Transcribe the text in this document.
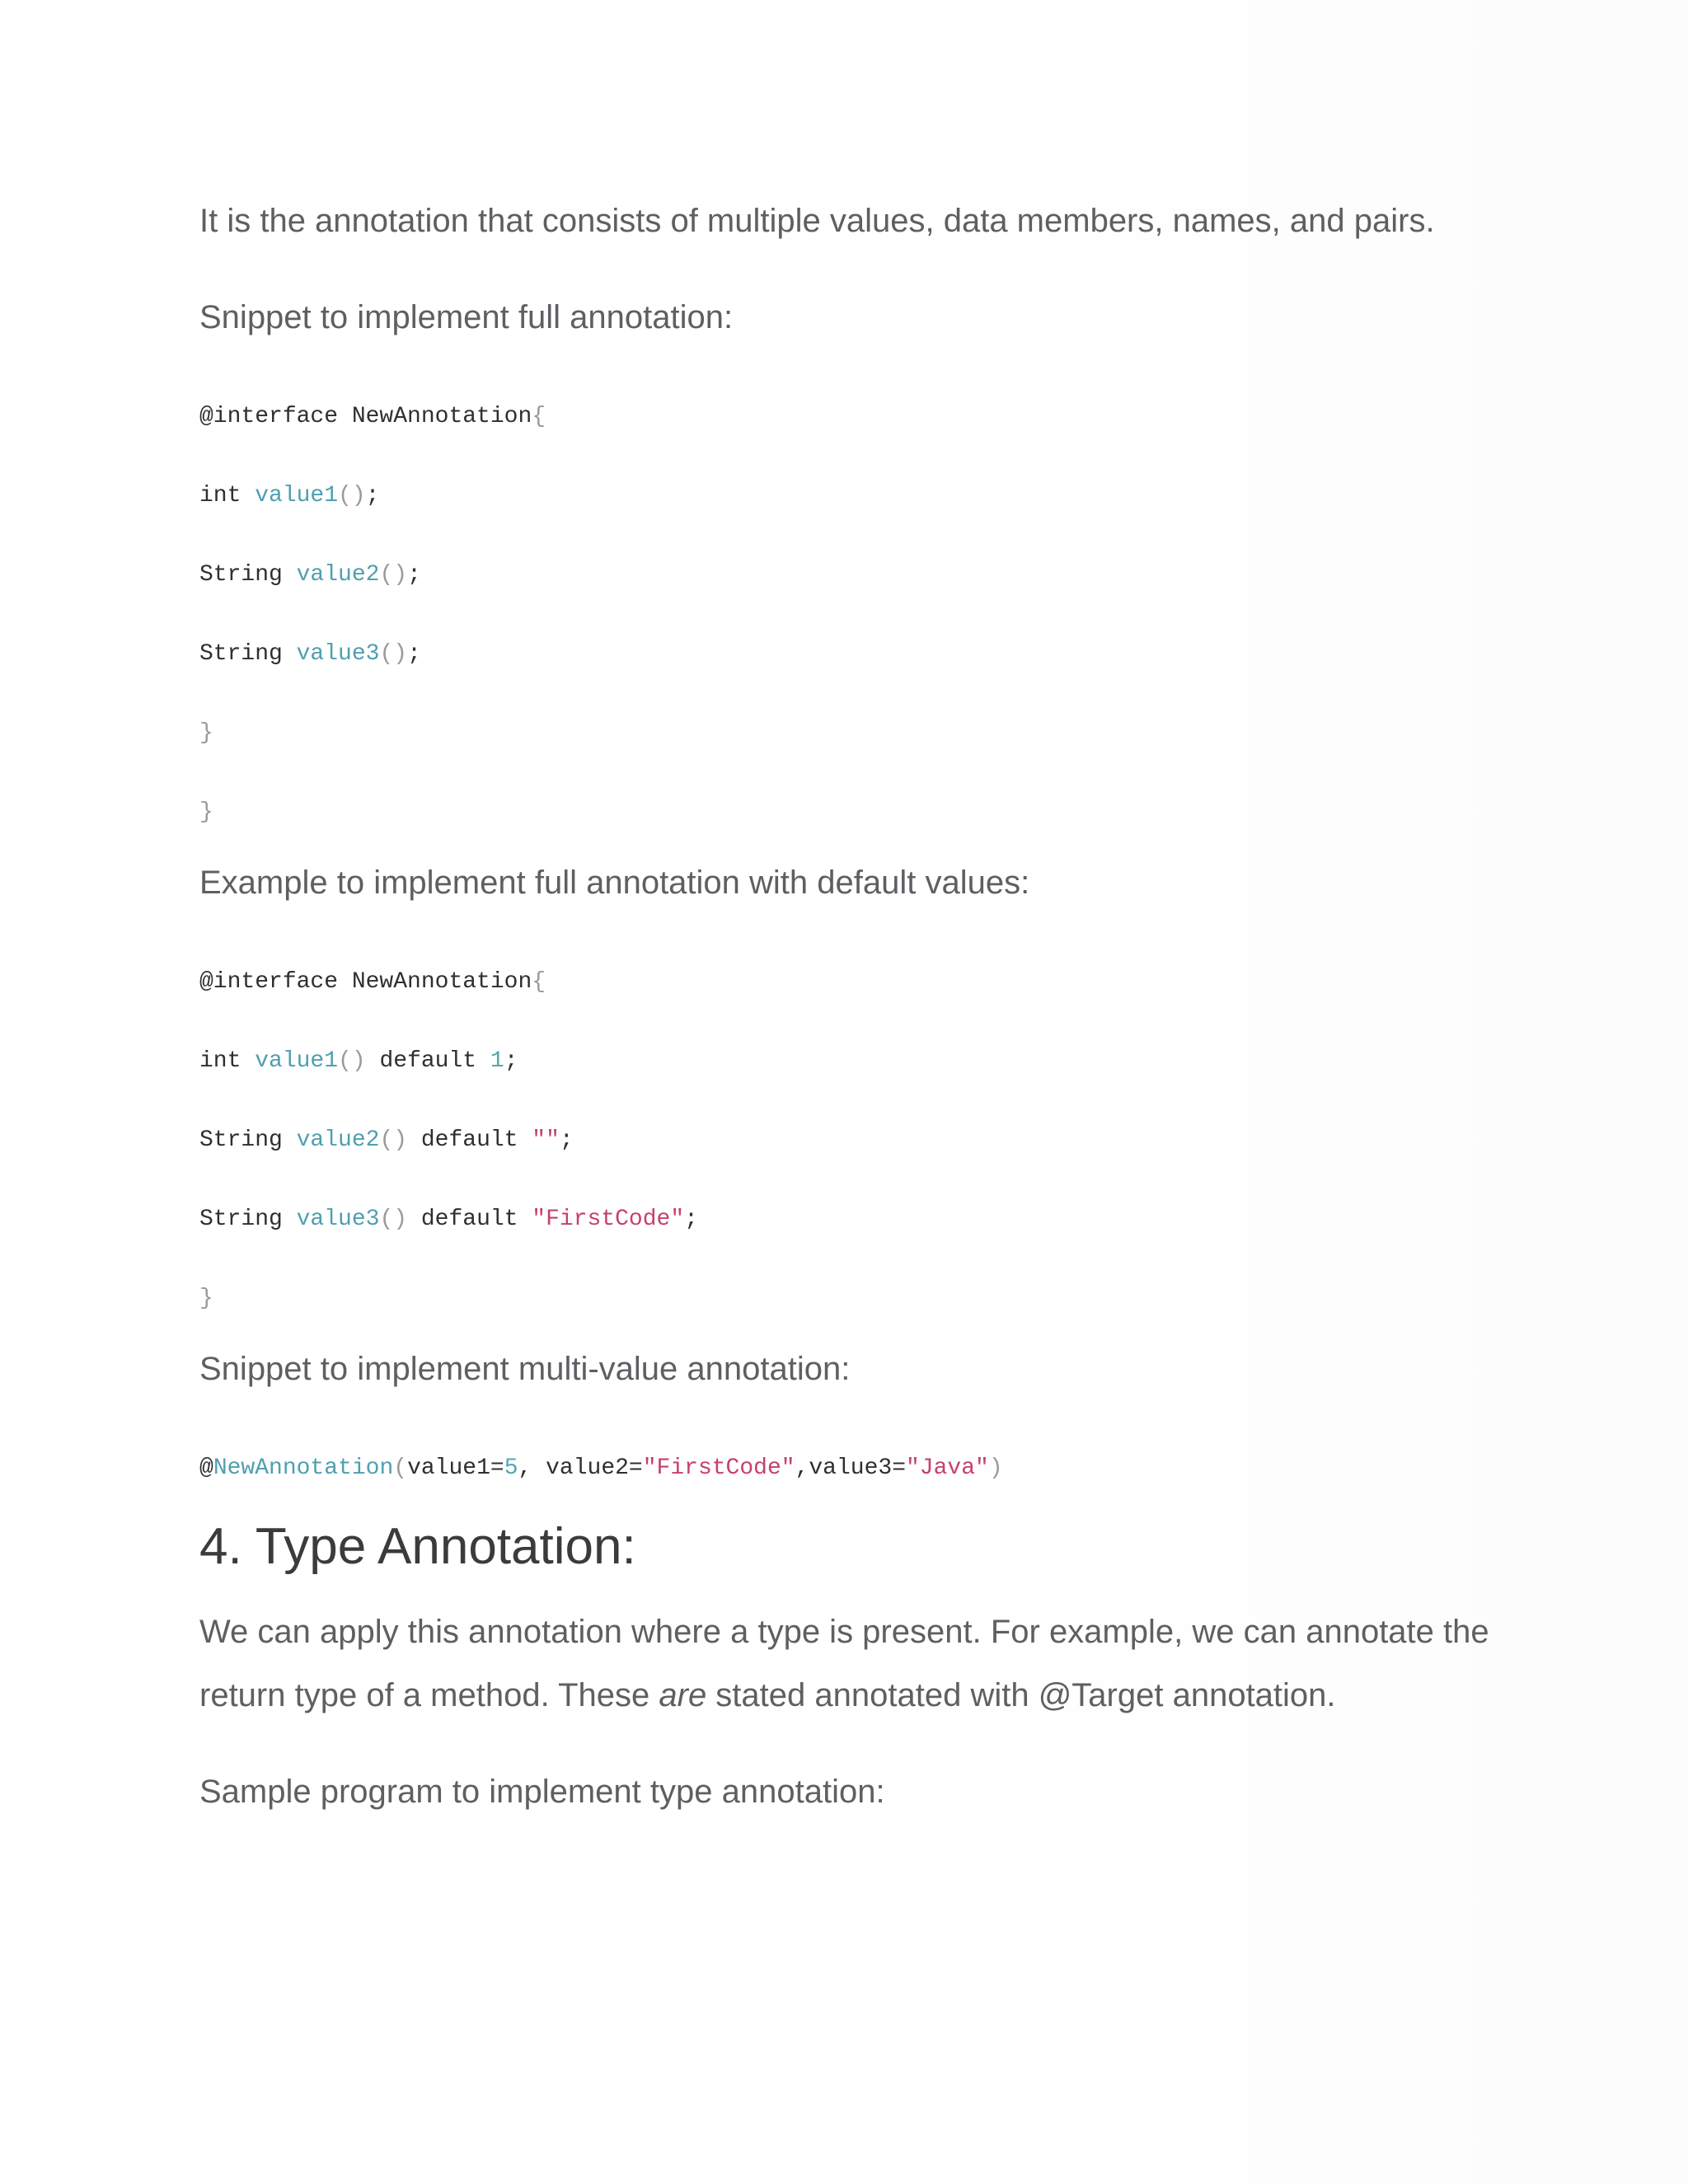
It is the annotation that consists of multiple values, data members, names, and pairs.

Snippet to implement full annotation:

@interface NewAnnotation{
int value1();
String value2();
String value3();
}
}

Example to implement full annotation with default values:

@interface NewAnnotation{
int value1() default 1;
String value2() default "";
String value3() default "FirstCode";
}

Snippet to implement multi-value annotation:

@NewAnnotation(value1=5, value2="FirstCode",value3="Java")
4. Type Annotation:

We can apply this annotation where a type is present. For example, we can annotate the return type of a method. These are stated annotated with @Target annotation.

Sample program to implement type annotation:
